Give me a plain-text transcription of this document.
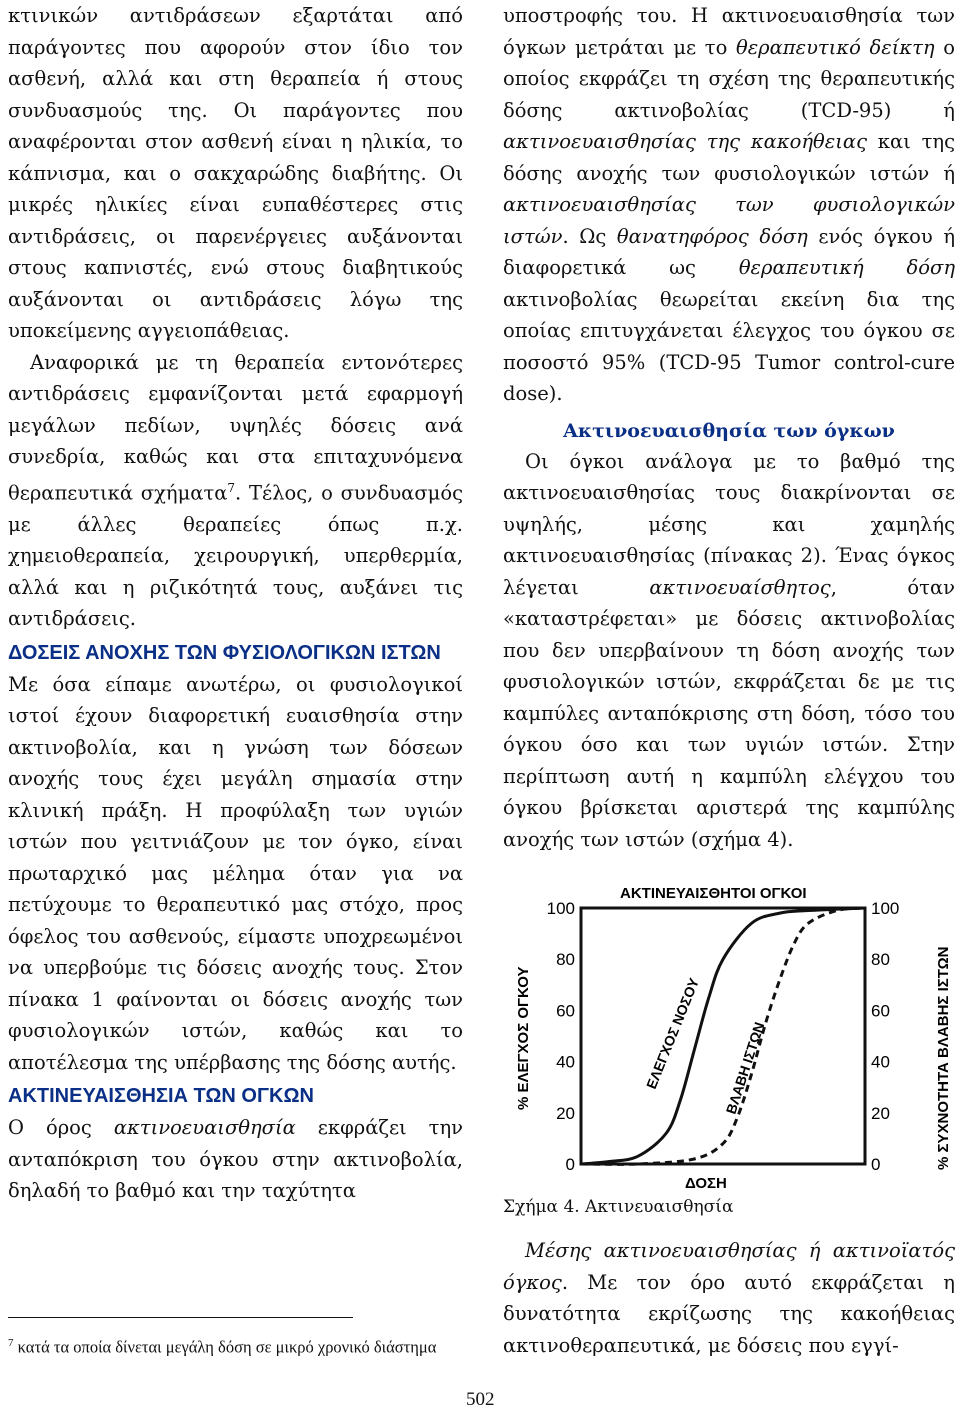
κτινικών αντιδράσεων εξαρτάται από παράγοντες που αφορούν στον ίδιο τον ασθενή, αλλά και στη θεραπεία ή στους συνδυασμούς της. Οι παράγοντες που αναφέρονται στον ασθενή είναι η ηλικία, το κάπνισμα, και ο σακχαρώδης διαβήτης. Οι μικρές ηλικίες είναι ευπαθέστερες στις αντιδράσεις, οι παρενέργειες αυξάνονται στους καπνιστές, ενώ στους διαβητικούς αυξάνονται οι αντιδράσεις λόγω της υποκείμενης αγγειοπάθειας.

Αναφορικά με τη θεραπεία εντονότερες αντιδράσεις εμφανίζονται μετά εφαρμογή μεγάλων πεδίων, υψηλές δόσεις ανά συνεδρία, καθώς και στα επιταχυνόμενα θεραπευτικά σχήματα$^7$. Τέλος, ο συνδυασμός με άλλες θεραπείες όπως π.χ. χημειοθεραπεία, χειρουργική, υπερθερμία, αλλά και η ριζικότητά τους, αυξάνει τις αντιδράσεις.

ΔΟΣΕΙΣ ΑΝΟΧΗΣ ΤΩΝ ΦΥΣΙΟΛΟΓΙΚΩΝ ΙΣΤΩΝ

Με όσα είπαμε ανωτέρω, οι φυσιολογικοί ιστοί έχουν διαφορετική ευαισθησία στην ακτινοβολία, και η γνώση των δόσεων ανοχής τους έχει μεγάλη σημασία στην κλινική πράξη. Η προφύλαξη των υγιών ιστών που γειτνιάζουν με τον όγκο, είναι πρωταρχικό μας μέλημα όταν για να πετύχουμε το θεραπευτικό μας στόχο, προς όφελος του ασθενούς, είμαστε υποχρεωμένοι να υπερβούμε τις δόσεις ανοχής τους. Στον πίνακα 1 φαίνονται οι δόσεις ανοχής των φυσιολογικών ιστών, καθώς και το αποτέλεσμα της υπέρβασης της δόσης αυτής.

ΑΚΤΙΝΕΥΑΙΣΘΗΣΙΑ ΤΩΝ ΟΓΚΩΝ

Ο όρος ακτινοευαισθησία εκφράζει την ανταπόκριση του όγκου στην ακτινοβολία, δηλαδή το βαθμό και την ταχύτητα

$^7$ κατά τα οποία δίνεται μεγάλη δόση σε μικρό χρονικό διάστημα
502

υποστροφής του. Η ακτινοευαισθησία των όγκων μετράται με το θεραπευτικό δείκτη ο οποίος εκφράζει τη σχέση της θεραπευτικής δόσης ακτινοβολίας (TCD-95) ή ακτινοευαισθησίας της κακοήθειας και της δόσης ανοχής των φυσιολογικών ιστών ή ακτινοευαισθησίας των φυσιολογικών ιστών. Ως θανατηφόρος δόση ενός όγκου ή διαφορετικά ως θεραπευτική δόση ακτινοβολίας θεωρείται εκείνη δια της οποίας επιτυγχάνεται έλεγχος του όγκου σε ποσοστό 95% (TCD-95 Tumor control-cure dose).

Ακτινοευαισθησία των όγκων

Οι όγκοι ανάλογα με το βαθμό της ακτινοευαισθησίας τους διακρίνονται σε υψηλής, μέσης και χαμηλής ακτινοευαισθησίας (πίνακας 2). Ένας όγκος λέγεται ακτινοευαίσθητος, όταν «καταστρέφεται» με δόσεις ακτινοβολίας που δεν υπερβαίνουν τη δόση ανοχής των φυσιολογικών ιστών, εκφράζεται δε με τις καμπύλες ανταπόκρισης στη δόση, τόσο του όγκου όσο και των υγιών ιστών. Στην περίπτωση αυτή η καμπύλη ελέγχου του όγκου βρίσκεται αριστερά της καμπύλης ανοχής των ιστών (σχήμα 4).

ΑΚΤΙΝΕΥΑΙΣΘΗΤΟΙ ΟΓΚΟΙ
% ΕΛΕΓΧΟΣ ΟΓΚΟΥ	% ΣΥΧΝΟΤΗΤΑ ΒΛΑΒΗΣ ΙΣΤΩΝ
ΔΟΣΗ
100
80
60
40
20
0
100
80
60
40
20
0
ΕΛΕΓΧΟΣ ΝΟΣΟΥ ΒΛΑΒΗ ΙΣΤΩΝ
Σχήμα 4. Ακτινευαισθησία

Μέσης ακτινοευαισθησίας ή ακτινοϊατός όγκος. Με τον όρο αυτό εκφράζεται η δυνατότητα εκρίζωσης της κακοήθειας ακτινοθεραπευτικά, με δόσεις που εγγί-
